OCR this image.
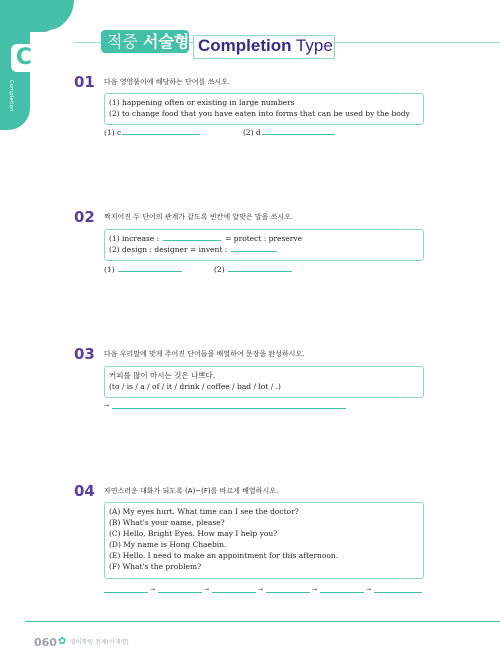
C
Completion
적중 서술형 Completion Type
01 다음 영영풀이에 해당하는 단어를 쓰시오.
(1) happening often or existing in large numbers
(2) to change food that you have eaten into forms that can be used by the body
(1) c	(2) d
02 짝지어진 두 단어의 관계가 같도록 빈칸에 알맞은 말을 쓰시오.
(1) increase :	= protect : preserve
(2) design : designer = invent :
(1)	(2)
03 다음 우리말에 맞게 주어진 단어들을 배열하여 문장을 완성하시오.
커피를 많이 마시는 것은 나쁘다.
(to / is / a / of / it / drink / coffee / bad / lot / .)
→
04 자연스러운 대화가 되도록 (A)~(F)를 바르게 배열하시오.
(A) My eyes hurt. What time can I see the doctor?
(B) What's your name, please?
(C) Hello, Bright Eyes. How may I help you?
(D) My name is Hong Chaebin.
(E) Hello. I need to make an appointment for this afternoon.
(F) What's the problem?
→	→	→	→	→
060 ✿ 영어학원 천재(이재영)
